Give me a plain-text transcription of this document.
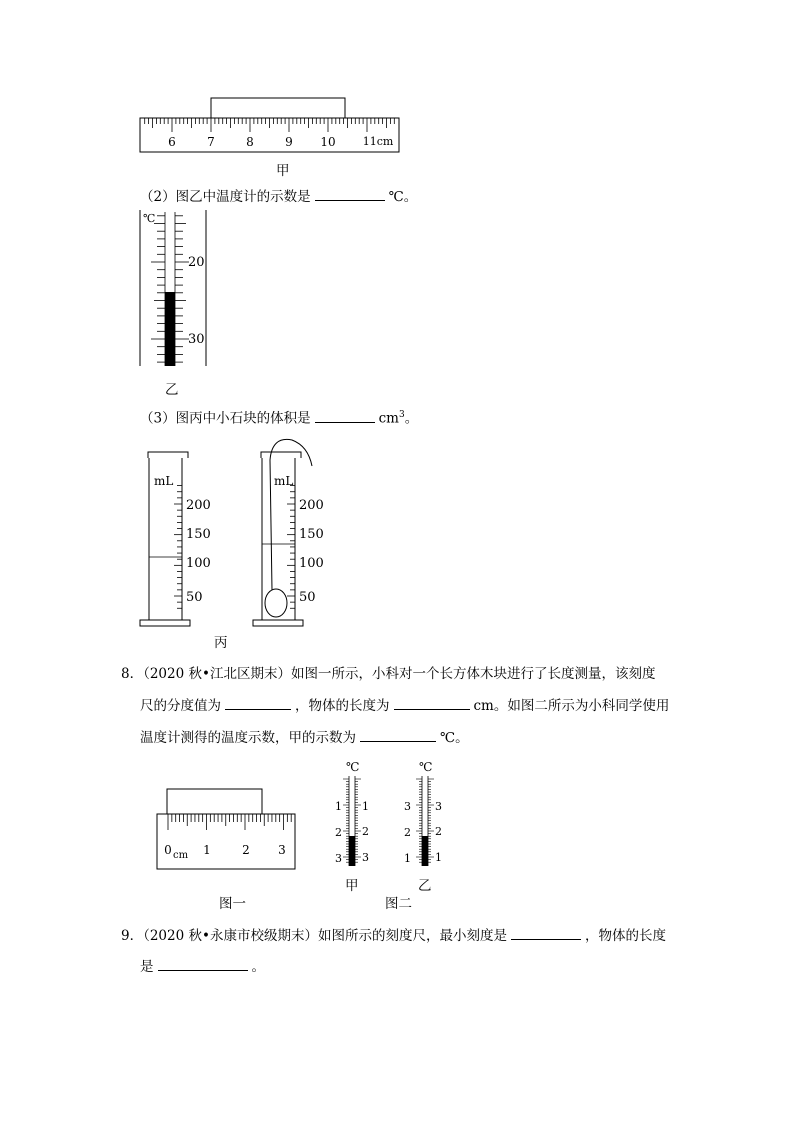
6	7	8	9 10 11cm
甲
（2）图乙中温度计的示数是	℃。
℃
20
30
乙
（3）图丙中小石块的体积是	$cm^3$。
mL
200
150
100
50
mL
200
150
100
50
丙
8．（2020 秋•江北区期末）如图一所示，小科对一个长方体木块进行了长度测量，该刻度
尺的分度值为	，物体的长度为	cm。如图二所示为小科同学使用
温度计测得的温度示数，甲的示数为	℃。
0 cm 1	2 3
图一
℃
1
2
3
1
2
3
℃
3
2
1
3
2
1
甲	乙
图二
9．（2020 秋•永康市校级期末）如图所示的刻度尺，最小刻度是	，物体的长度
是	。
